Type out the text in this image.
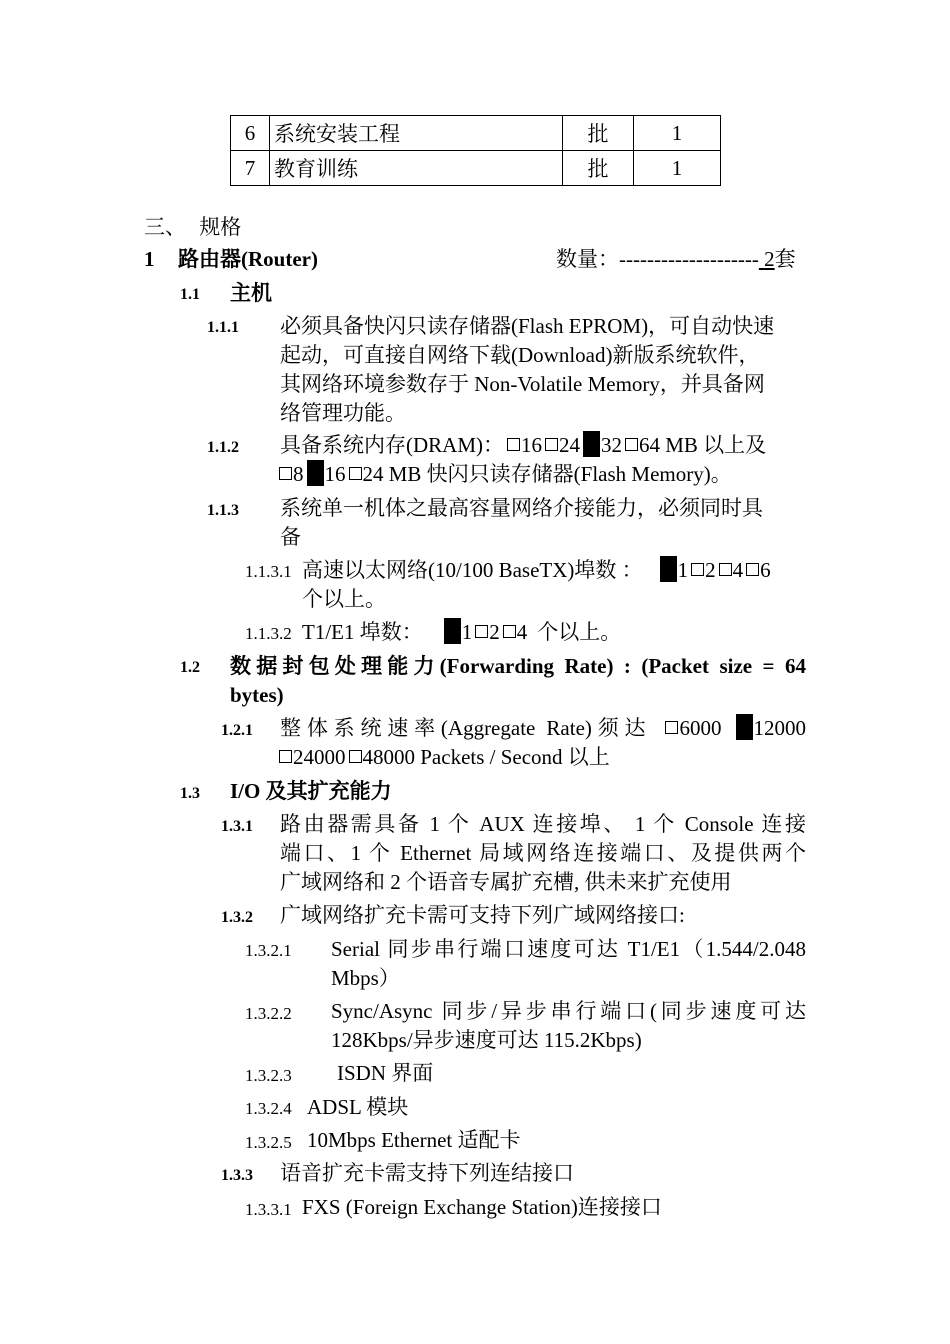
6	系统安装工程	批	1
7	教育训练	批	1
三、 规格
1 路由器(Router)	数量：-------------------- 2套
1.1 主机
1.1.1 必须具备快闪只读存储器(Flash EPROM)，可自动快速
起动，可直接自网络下载(Download)新版系统软件，
其网络环境参数存于 Non-Volatile Memory，并具备网
络管理功能。
1.1.2 具备系统内存(DRAM)： 16 24 32 64 MB 以上及
8 16 24 MB 快闪只读存储器(Flash Memory)。
1.1.3 系统单一机体之最高容量网络介接能力，必须同时具
备
1.1.3.1 高速以太网络(10/100 BaseTX)埠数 ： 1 2 4 6
个以上。
1.1.3.2 T1/E1 埠数： 1 2 4 个以上。
1.2 数据封包处理能力(Forwarding Rate) : (Packet size = 64
bytes)
1.2.1 整体系统速率(Aggregate Rate)须达 6000 12000
24000 48000 Packets / Second 以上
1.3 I/O 及其扩充能力
1.3.1 路由器需具备 1 个 AUX 连接埠、 1 个 Console 连接
端口、1 个 Ethernet 局域网络连接端口、及提供两个
广域网络和 2 个语音专属扩充槽, 供未来扩充使用
1.3.2 广域网络扩充卡需可支持下列广域网络接口:
1.3.2.1 Serial 同步串行端口速度可达 T1/E1（1.544/2.048
Mbps）
1.3.2.2 Sync/Async 同步/异步串行端口(同步速度可达
128Kbps/异步速度可达 115.2Kbps)
1.3.2.3 ISDN 界面
1.3.2.4 ADSL 模块
1.3.2.5 10Mbps Ethernet 适配卡
1.3.3 语音扩充卡需支持下列连结接口
1.3.3.1 FXS (Foreign Exchange Station)连接接口
